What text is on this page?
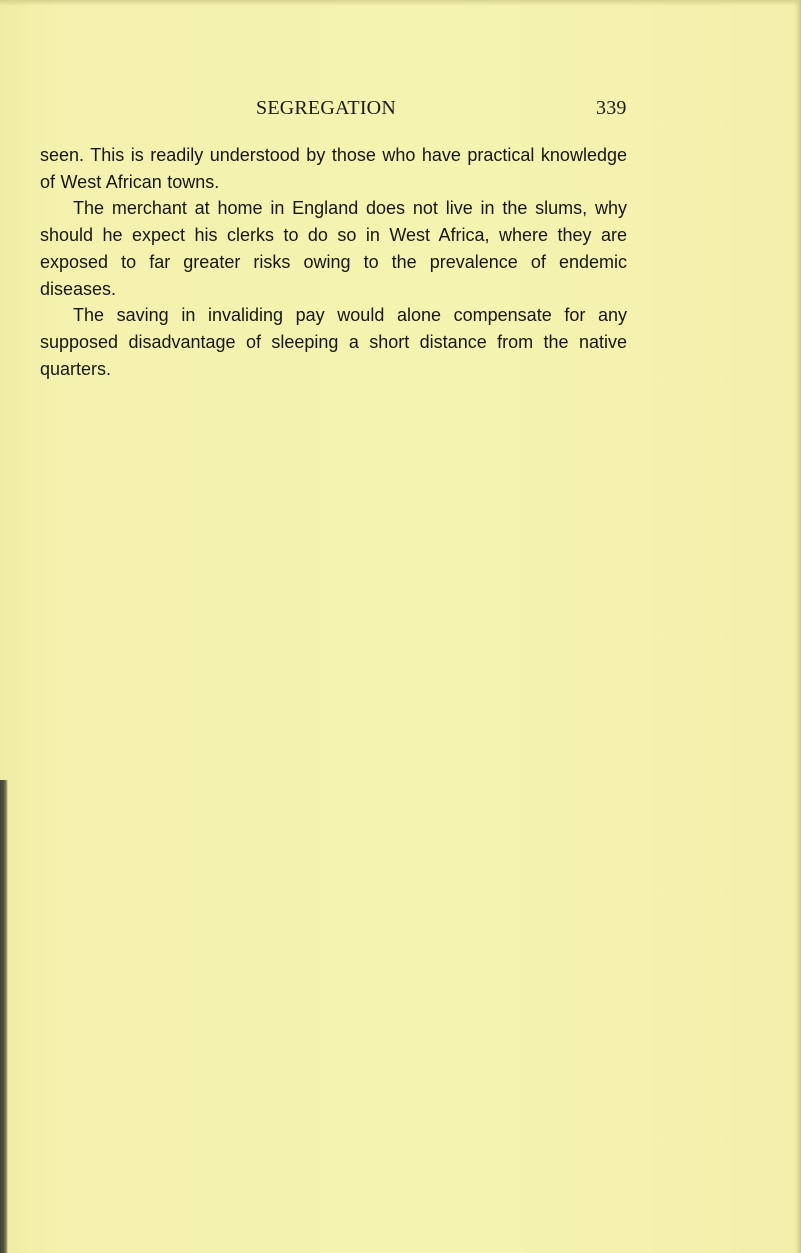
SEGREGATION	339

seen. This is readily understood by those who have practical knowledge of West African towns.

The merchant at home in England does not live in the slums, why should he expect his clerks to do so in West Africa, where they are exposed to far greater risks owing to the prevalence of endemic diseases.

The saving in invaliding pay would alone compensate for any supposed disadvantage of sleeping a short distance from the native quarters.
